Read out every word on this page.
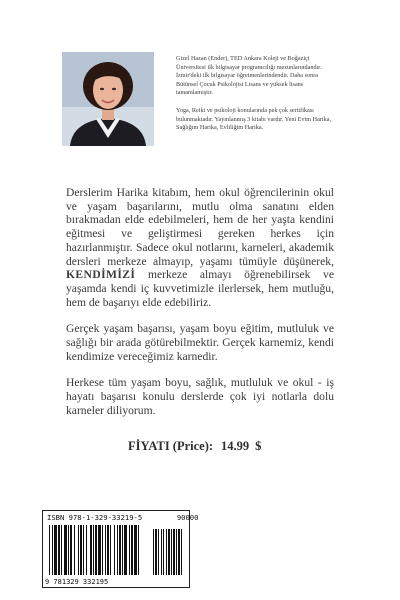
Gizel Hazan (Ender), TED Ankara Koleji ve Boğaziçi Üniversitesi ilk bilgisayar programcılığı mezunlarındandır. İzmir'deki ilk bilgisayar öğretmenlerindendir. Daha sonra Bütünsel Çocuk Psikolojisi Lisans ve yüksek lisans tamamlamıştır.

Yoga, Reiki ve psikoloji konularında pek çok sertifikası bulunmaktadır. Yayınlanmış 3 kitabı vardır. Yeni Evim Harika, Sağlığım Harika, Evliliğim Harika.

Derslerim Harika kitabım, hem okul öğrencilerinin okul ve yaşam başarılarını, mutlu olma sanatını elden bırakmadan elde edebilmeleri, hem de her yaşta kendini eğitmesi ve geliştirmesi gereken herkes için hazırlanmıştır. Sadece okul notlarını, karneleri, akademik dersleri merkeze almayıp, yaşamı tümüyle düşünerek, KENDİMİZİ merkeze almayı öğrenebilirsek ve yaşamda kendi iç kuvvetimizle ilerlersek, hem mutluğu, hem de başarıyı elde edebiliriz.

Gerçek yaşam başarısı, yaşam boyu eğitim, mutluluk ve sağlığı bir arada götürebilmektir. Gerçek karnemiz, kendi kendimize vereceğimiz karnedir.

Herkese tüm yaşam boyu, sağlık, mutluluk ve okul - iş hayatı başarısı konulu derslerde çok iyi notlarla dolu karneler diliyorum.

FİYATI (Price): 14.99 $
ISBN 978-1-329-33219-5	90000
9 781329 332195
